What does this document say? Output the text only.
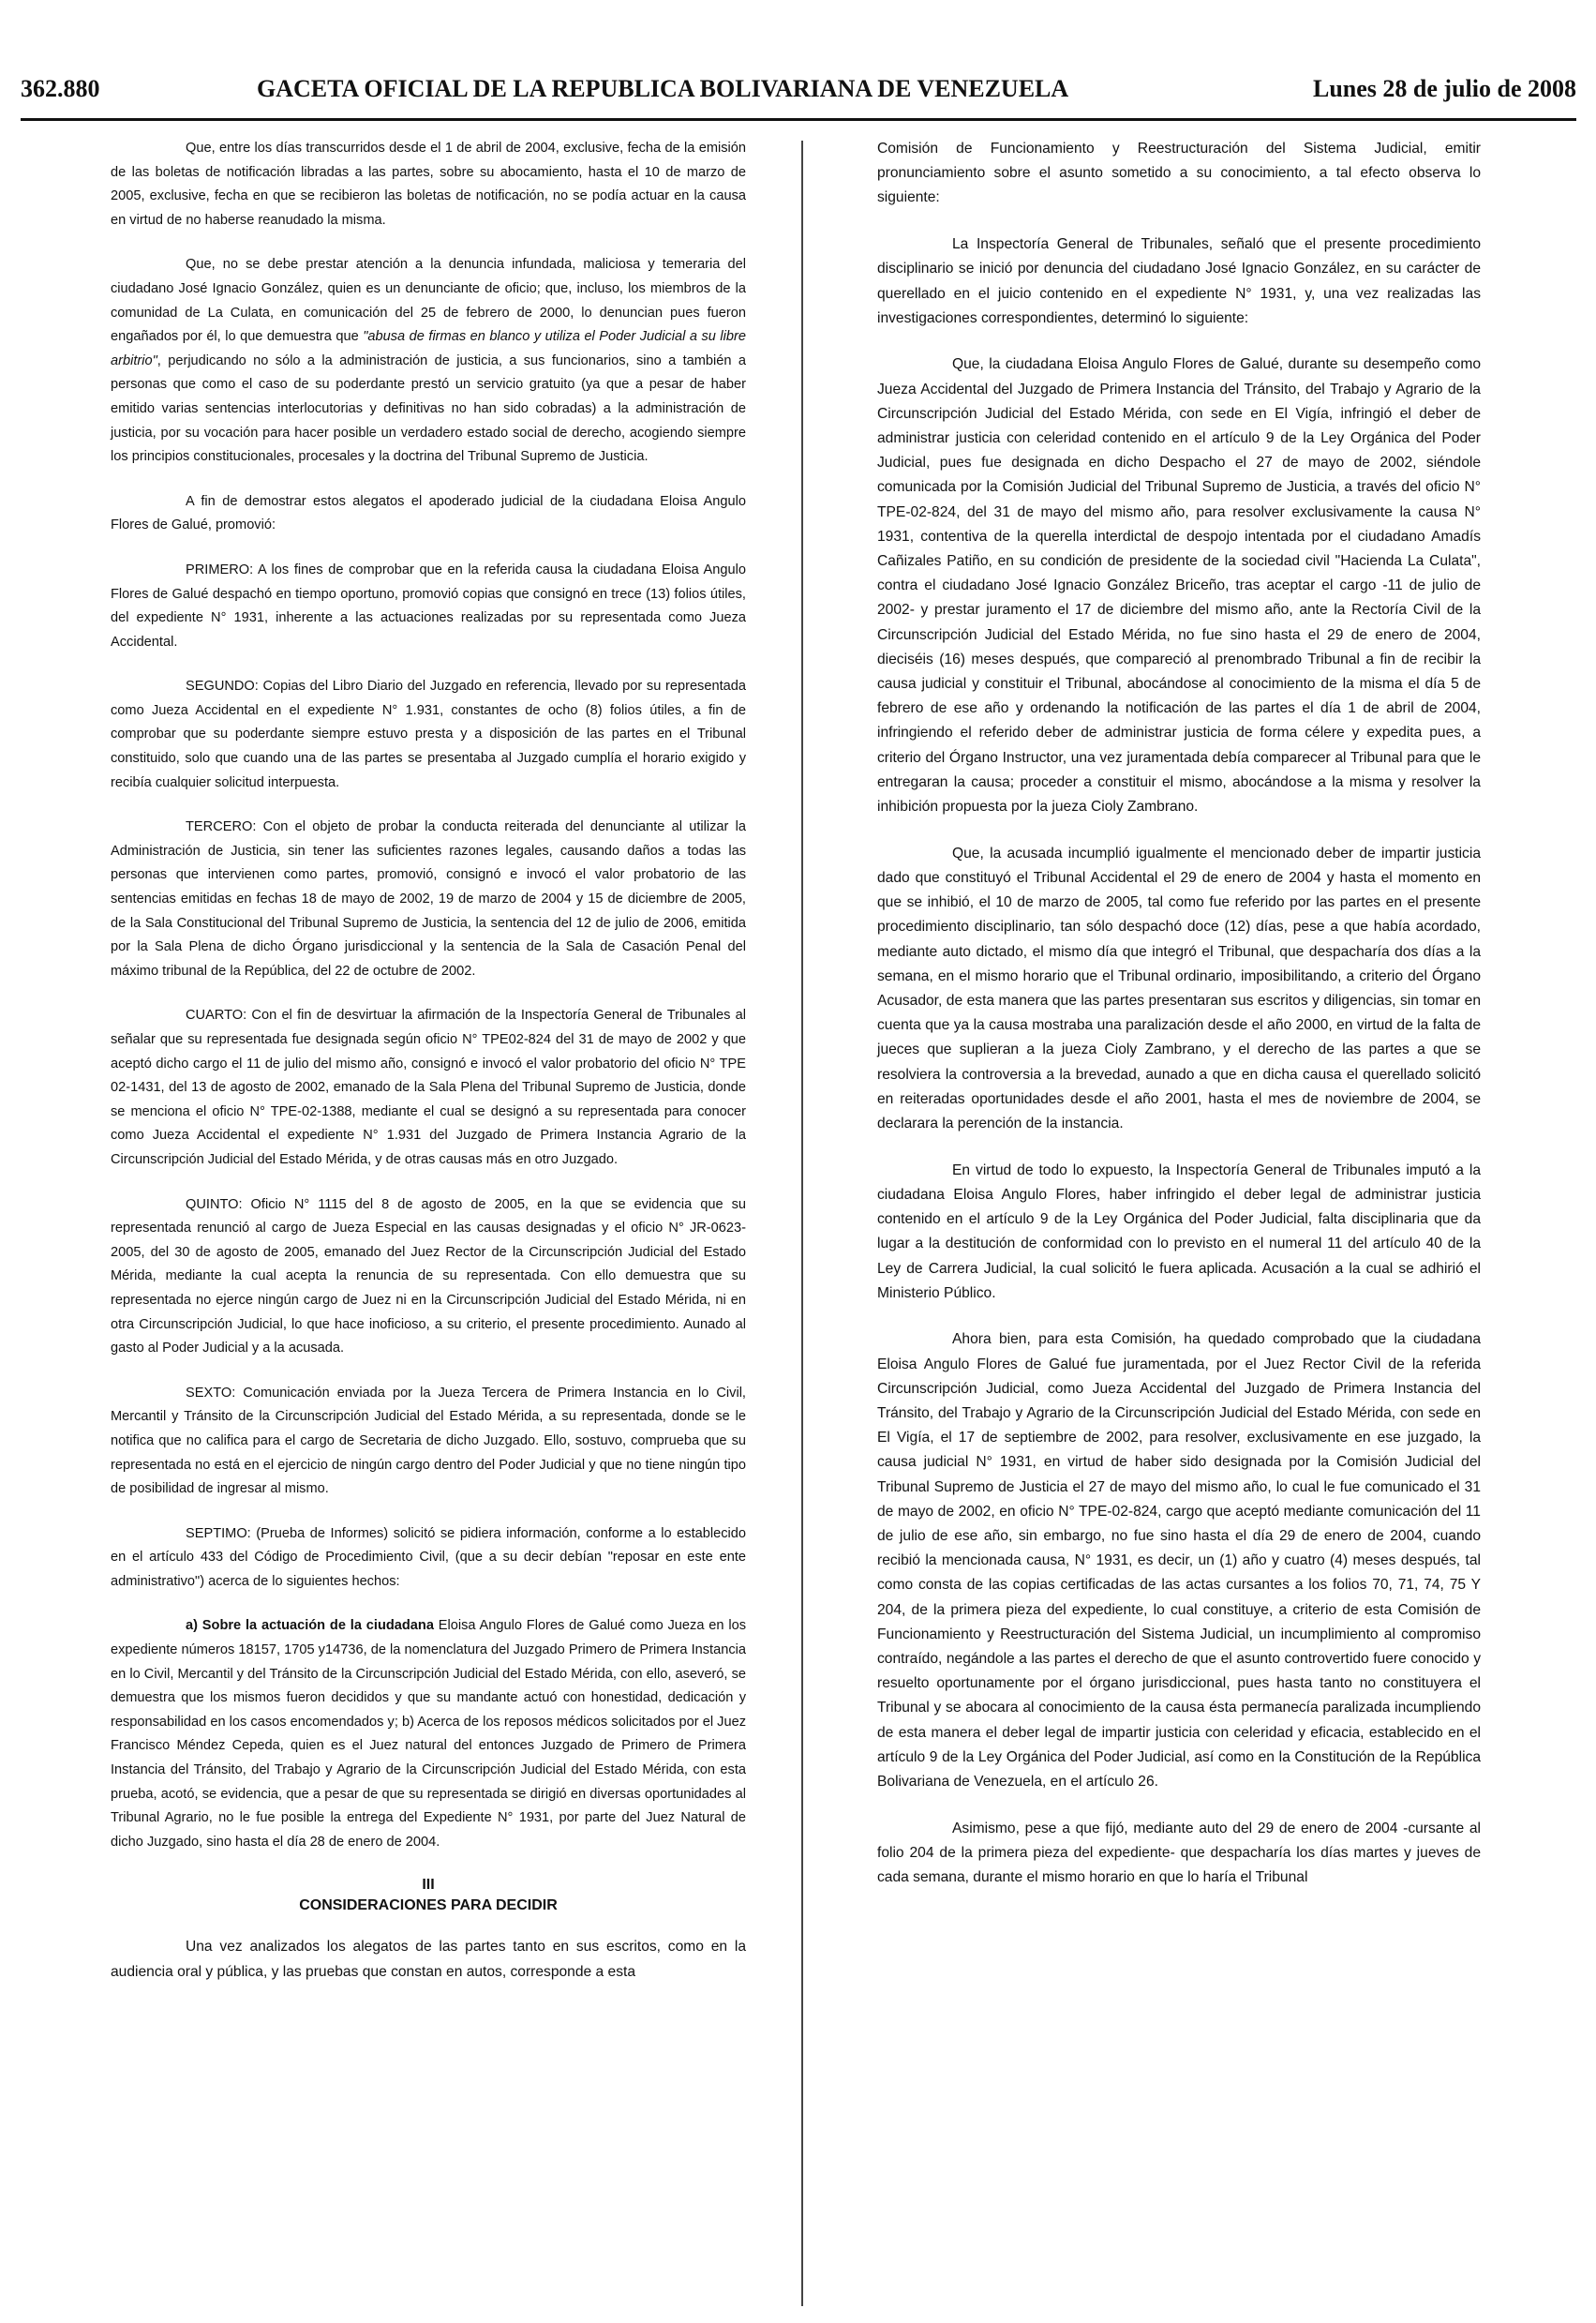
362.880	GACETA OFICIAL DE LA REPUBLICA BOLIVARIANA DE VENEZUELA	Lunes 28 de julio de 2008

Que, entre los días transcurridos desde el 1 de abril de 2004, exclusive, fecha de la emisión de las boletas de notificación libradas a las partes, sobre su abocamiento, hasta el 10 de marzo de 2005, exclusive, fecha en que se recibieron las boletas de notificación, no se podía actuar en la causa en virtud de no haberse reanudado la misma.

Que, no se debe prestar atención a la denuncia infundada, maliciosa y temeraria del ciudadano José Ignacio González, quien es un denunciante de oficio; que, incluso, los miembros de la comunidad de La Culata, en comunicación del 25 de febrero de 2000, lo denuncian pues fueron engañados por él, lo que demuestra que "abusa de firmas en blanco y utiliza el Poder Judicial a su libre arbitrio", perjudicando no sólo a la administración de justicia, a sus funcionarios, sino a también a personas que como el caso de su poderdante prestó un servicio gratuito (ya que a pesar de haber emitido varias sentencias interlocutorias y definitivas no han sido cobradas) a la administración de justicia, por su vocación para hacer posible un verdadero estado social de derecho, acogiendo siempre los principios constitucionales, procesales y la doctrina del Tribunal Supremo de Justicia.

A fin de demostrar estos alegatos el apoderado judicial de la ciudadana Eloisa Angulo Flores de Galué, promovió:

PRIMERO: A los fines de comprobar que en la referida causa la ciudadana Eloisa Angulo Flores de Galué despachó en tiempo oportuno, promovió copias que consignó en trece (13) folios útiles, del expediente N° 1931, inherente a las actuaciones realizadas por su representada como Jueza Accidental.

SEGUNDO: Copias del Libro Diario del Juzgado en referencia, llevado por su representada como Jueza Accidental en el expediente N° 1.931, constantes de ocho (8) folios útiles, a fin de comprobar que su poderdante siempre estuvo presta y a disposición de las partes en el Tribunal constituido, solo que cuando una de las partes se presentaba al Juzgado cumplía el horario exigido y recibía cualquier solicitud interpuesta.

TERCERO: Con el objeto de probar la conducta reiterada del denunciante al utilizar la Administración de Justicia, sin tener las suficientes razones legales, causando daños a todas las personas que intervienen como partes, promovió, consignó e invocó el valor probatorio de las sentencias emitidas en fechas 18 de mayo de 2002, 19 de marzo de 2004 y 15 de diciembre de 2005, de la Sala Constitucional del Tribunal Supremo de Justicia, la sentencia del 12 de julio de 2006, emitida por la Sala Plena de dicho Órgano jurisdiccional y la sentencia de la Sala de Casación Penal del máximo tribunal de la República, del 22 de octubre de 2002.

CUARTO: Con el fin de desvirtuar la afirmación de la Inspectoría General de Tribunales al señalar que su representada fue designada según oficio N° TPE02-824 del 31 de mayo de 2002 y que aceptó dicho cargo el 11 de julio del mismo año, consignó e invocó el valor probatorio del oficio N° TPE 02-1431, del 13 de agosto de 2002, emanado de la Sala Plena del Tribunal Supremo de Justicia, donde se menciona el oficio N° TPE-02-1388, mediante el cual se designó a su representada para conocer como Jueza Accidental el expediente N° 1.931 del Juzgado de Primera Instancia Agrario de la Circunscripción Judicial del Estado Mérida, y de otras causas más en otro Juzgado.

QUINTO: Oficio N° 1115 del 8 de agosto de 2005, en la que se evidencia que su representada renunció al cargo de Jueza Especial en las causas designadas y el oficio N° JR-0623- 2005, del 30 de agosto de 2005, emanado del Juez Rector de la Circunscripción Judicial del Estado Mérida, mediante la cual acepta la renuncia de su representada. Con ello demuestra que su representada no ejerce ningún cargo de Juez ni en la Circunscripción Judicial del Estado Mérida, ni en otra Circunscripción Judicial, lo que hace inoficioso, a su criterio, el presente procedimiento. Aunado al gasto al Poder Judicial y a la acusada.

SEXTO: Comunicación enviada por la Jueza Tercera de Primera Instancia en lo Civil, Mercantil y Tránsito de la Circunscripción Judicial del Estado Mérida, a su representada, donde se le notifica que no califica para el cargo de Secretaria de dicho Juzgado. Ello, sostuvo, comprueba que su representada no está en el ejercicio de ningún cargo dentro del Poder Judicial y que no tiene ningún tipo de posibilidad de ingresar al mismo.

SEPTIMO: (Prueba de Informes) solicitó se pidiera información, conforme a lo establecido en el artículo 433 del Código de Procedimiento Civil, (que a su decir debían "reposar en este ente administrativo") acerca de lo siguientes hechos:

a) Sobre la actuación de la ciudadana Eloisa Angulo Flores de Galué como Jueza en los expediente números 18157, 1705 y14736, de la nomenclatura del Juzgado Primero de Primera Instancia en lo Civil, Mercantil y del Tránsito de la Circunscripción Judicial del Estado Mérida, con ello, aseveró, se demuestra que los mismos fueron decididos y que su mandante actuó con honestidad, dedicación y responsabilidad en los casos encomendados y; b) Acerca de los reposos médicos solicitados por el Juez Francisco Méndez Cepeda, quien es el Juez natural del entonces Juzgado de Primero de Primera Instancia del Tránsito, del Trabajo y Agrario de la Circunscripción Judicial del Estado Mérida, con esta prueba, acotó, se evidencia, que a pesar de que su representada se dirigió en diversas oportunidades al Tribunal Agrario, no le fue posible la entrega del Expediente N° 1931, por parte del Juez Natural de dicho Juzgado, sino hasta el día 28 de enero de 2004.

III
CONSIDERACIONES PARA DECIDIR

Una vez analizados los alegatos de las partes tanto en sus escritos, como en la audiencia oral y pública, y las pruebas que constan en autos, corresponde a esta

Comisión de Funcionamiento y Reestructuración del Sistema Judicial, emitir pronunciamiento sobre el asunto sometido a su conocimiento, a tal efecto observa lo siguiente:

La Inspectoría General de Tribunales, señaló que el presente procedimiento disciplinario se inició por denuncia del ciudadano José Ignacio González, en su carácter de querellado en el juicio contenido en el expediente N° 1931, y, una vez realizadas las investigaciones correspondientes, determinó lo siguiente:

Que, la ciudadana Eloisa Angulo Flores de Galué, durante su desempeño como Jueza Accidental del Juzgado de Primera Instancia del Tránsito, del Trabajo y Agrario de la Circunscripción Judicial del Estado Mérida, con sede en El Vigía, infringió el deber de administrar justicia con celeridad contenido en el artículo 9 de la Ley Orgánica del Poder Judicial, pues fue designada en dicho Despacho el 27 de mayo de 2002, siéndole comunicada por la Comisión Judicial del Tribunal Supremo de Justicia, a través del oficio N° TPE-02-824, del 31 de mayo del mismo año, para resolver exclusivamente la causa N° 1931, contentiva de la querella interdictal de despojo intentada por el ciudadano Amadís Cañizales Patiño, en su condición de presidente de la sociedad civil "Hacienda La Culata", contra el ciudadano José Ignacio González Briceño, tras aceptar el cargo -11 de julio de 2002- y prestar juramento el 17 de diciembre del mismo año, ante la Rectoría Civil de la Circunscripción Judicial del Estado Mérida, no fue sino hasta el 29 de enero de 2004, dieciséis (16) meses después, que compareció al prenombrado Tribunal a fin de recibir la causa judicial y constituir el Tribunal, abocándose al conocimiento de la misma el día 5 de febrero de ese año y ordenando la notificación de las partes el día 1 de abril de 2004, infringiendo el referido deber de administrar justicia de forma célere y expedita pues, a criterio del Órgano Instructor, una vez juramentada debía comparecer al Tribunal para que le entregaran la causa; proceder a constituir el mismo, abocándose a la misma y resolver la inhibición propuesta por la jueza Cioly Zambrano.

Que, la acusada incumplió igualmente el mencionado deber de impartir justicia dado que constituyó el Tribunal Accidental el 29 de enero de 2004 y hasta el momento en que se inhibió, el 10 de marzo de 2005, tal como fue referido por las partes en el presente procedimiento disciplinario, tan sólo despachó doce (12) días, pese a que había acordado, mediante auto dictado, el mismo día que integró el Tribunal, que despacharía dos días a la semana, en el mismo horario que el Tribunal ordinario, imposibilitando, a criterio del Órgano Acusador, de esta manera que las partes presentaran sus escritos y diligencias, sin tomar en cuenta que ya la causa mostraba una paralización desde el año 2000, en virtud de la falta de jueces que suplieran a la jueza Cioly Zambrano, y el derecho de las partes a que se resolviera la controversia a la brevedad, aunado a que en dicha causa el querellado solicitó en reiteradas oportunidades desde el año 2001, hasta el mes de noviembre de 2004, se declarara la perención de la instancia.

En virtud de todo lo expuesto, la Inspectoría General de Tribunales imputó a la ciudadana Eloisa Angulo Flores, haber infringido el deber legal de administrar justicia contenido en el artículo 9 de la Ley Orgánica del Poder Judicial, falta disciplinaria que da lugar a la destitución de conformidad con lo previsto en el numeral 11 del artículo 40 de la Ley de Carrera Judicial, la cual solicitó le fuera aplicada. Acusación a la cual se adhirió el Ministerio Público.

Ahora bien, para esta Comisión, ha quedado comprobado que la ciudadana Eloisa Angulo Flores de Galué fue juramentada, por el Juez Rector Civil de la referida Circunscripción Judicial, como Jueza Accidental del Juzgado de Primera Instancia del Tránsito, del Trabajo y Agrario de la Circunscripción Judicial del Estado Mérida, con sede en El Vigía, el 17 de septiembre de 2002, para resolver, exclusivamente en ese juzgado, la causa judicial N° 1931, en virtud de haber sido designada por la Comisión Judicial del Tribunal Supremo de Justicia el 27 de mayo del mismo año, lo cual le fue comunicado el 31 de mayo de 2002, en oficio N° TPE-02-824, cargo que aceptó mediante comunicación del 11 de julio de ese año, sin embargo, no fue sino hasta el día 29 de enero de 2004, cuando recibió la mencionada causa, N° 1931, es decir, un (1) año y cuatro (4) meses después, tal como consta de las copias certificadas de las actas cursantes a los folios 70, 71, 74, 75 Y 204, de la primera pieza del expediente, lo cual constituye, a criterio de esta Comisión de Funcionamiento y Reestructuración del Sistema Judicial, un incumplimiento al compromiso contraído, negándole a las partes el derecho de que el asunto controvertido fuere conocido y resuelto oportunamente por el órgano jurisdiccional, pues hasta tanto no constituyera el Tribunal y se abocara al conocimiento de la causa ésta permanecía paralizada incumpliendo de esta manera el deber legal de impartir justicia con celeridad y eficacia, establecido en el artículo 9 de la Ley Orgánica del Poder Judicial, así como en la Constitución de la República Bolivariana de Venezuela, en el artículo 26.

Asimismo, pese a que fijó, mediante auto del 29 de enero de 2004 -cursante al folio 204 de la primera pieza del expediente- que despacharía los días martes y jueves de cada semana, durante el mismo horario en que lo haría el Tribunal
